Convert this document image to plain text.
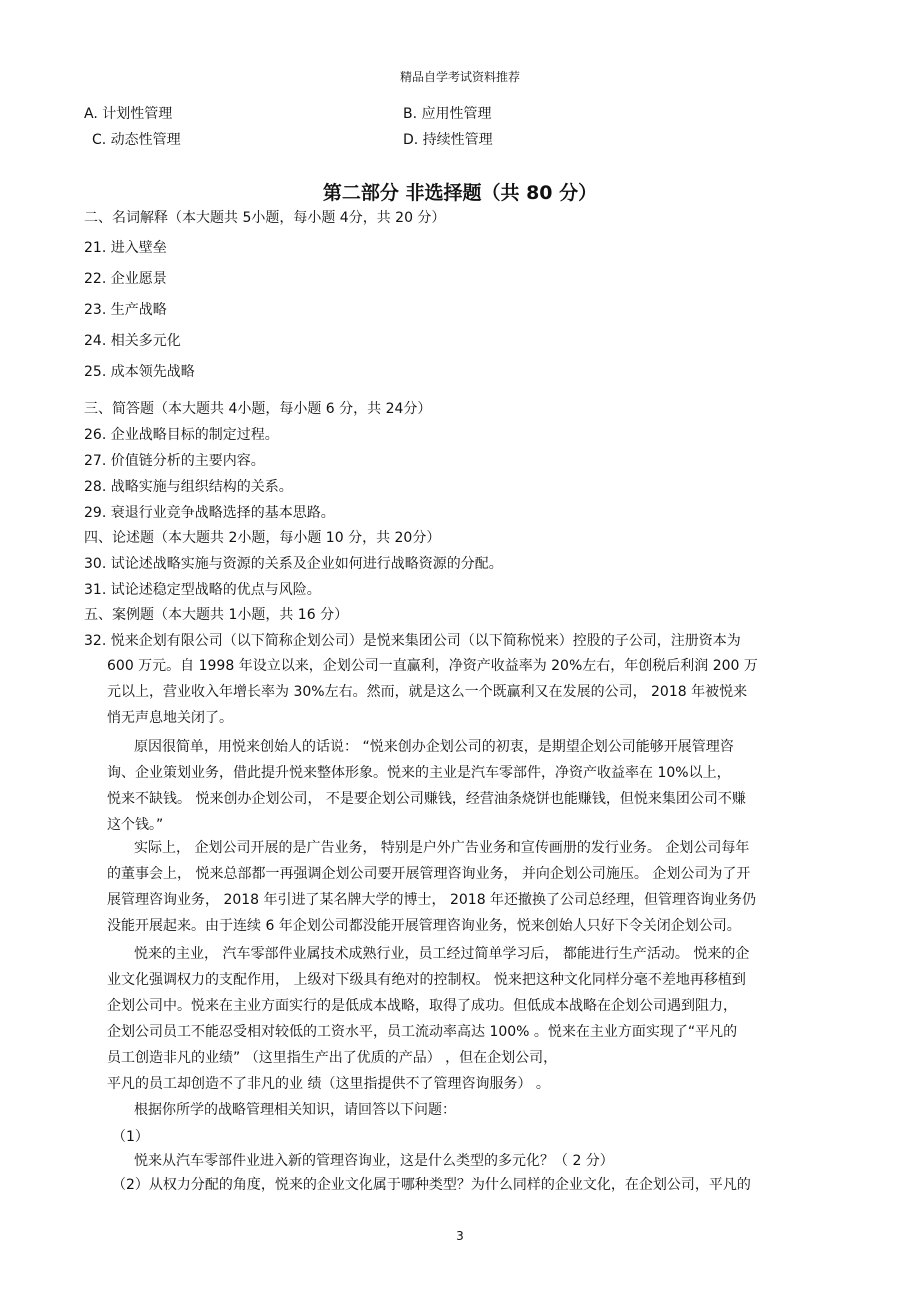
精品自学考试资料推荐
A. 计划性管理	B. 应用性管理
C. 动态性管理	D. 持续性管理
第二部分 非选择题（共 80 分）
二、名词解释（本大题共 5小题，每小题 4分，共 20 分）
21. 进入壁垒
22. 企业愿景
23. 生产战略
24. 相关多元化
25. 成本领先战略
三、简答题（本大题共 4小题，每小题 6 分，共 24分）
26. 企业战略目标的制定过程。
27. 价值链分析的主要内容。
28. 战略实施与组织结构的关系。
29. 衰退行业竞争战略选择的基本思路。
四、论述题（本大题共 2小题，每小题 10 分，共 20分）
30. 试论述战略实施与资源的关系及企业如何进行战略资源的分配。
31. 试论述稳定型战略的优点与风险。
五、案例题（本大题共 1小题，共 16 分）
32. 悦来企划有限公司（以下简称企划公司）是悦来集团公司（以下简称悦来）控股的子公司，注册资本为
600 万元。自 1998 年设立以来，企划公司一直赢利，净资产收益率为 20%左右，年创税后利润 200 万
元以上，营业收入年增长率为 30%左右。然而，就是这么一个既赢利又在发展的公司， 2018 年被悦来
悄无声息地关闭了。
原因很简单，用悦来创始人的话说： “悦来创办企划公司的初衷，是期望企划公司能够开展管理咨
询、企业策划业务，借此提升悦来整体形象。悦来的主业是汽车零部件，净资产收益率在 10%以上，
悦来不缺钱。 悦来创办企划公司， 不是要企划公司赚钱，经营油条烧饼也能赚钱，但悦来集团公司不赚
这个钱。”
实际上， 企划公司开展的是广告业务， 特别是户外广告业务和宣传画册的发行业务。 企划公司每年
的董事会上， 悦来总部都一再强调企划公司要开展管理咨询业务， 并向企划公司施压。 企划公司为了开
展管理咨询业务， 2018 年引进了某名牌大学的博士， 2018 年还撤换了公司总经理，但管理咨询业务仍
没能开展起来。由于连续 6 年企划公司都没能开展管理咨询业务，悦来创始人只好下令关闭企划公司。
悦来的主业， 汽车零部件业属技术成熟行业，员工经过简单学习后， 都能进行生产活动。 悦来的企
业文化强调权力的支配作用， 上级对下级具有绝对的控制权。 悦来把这种文化同样分毫不差地再移植到
企划公司中。悦来在主业方面实行的是低成本战略，取得了成功。但低成本战略在企划公司遇到阻力，
企划公司员工不能忍受相对较低的工资水平，员工流动率高达 100% 。悦来在主业方面实现了“平凡的
员工创造非凡的业绩” （这里指生产出了优质的产品） ，但在企划公司，
平凡的员工却创造不了非凡的业 绩（这里指提供不了管理咨询服务） 。
根据你所学的战略管理相关知识，请回答以下问题：
（1）
悦来从汽车零部件业进入新的管理咨询业，这是什么类型的多元化？（ 2 分）
（2）从权力分配的角度，悦来的企业文化属于哪种类型？为什么同样的企业文化，在企划公司，平凡的
3
